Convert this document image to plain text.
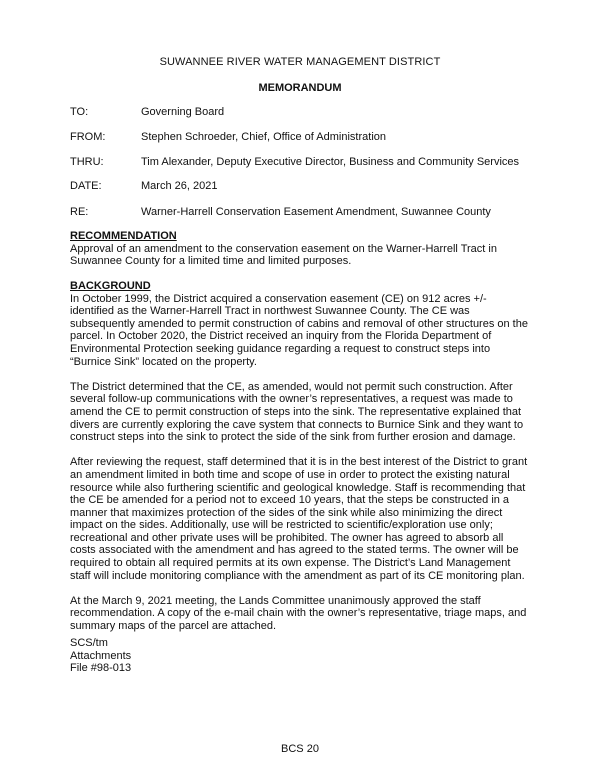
SUWANNEE RIVER WATER MANAGEMENT DISTRICT
MEMORANDUM
TO:	Governing Board
FROM:	Stephen Schroeder, Chief, Office of Administration
THRU:	Tim Alexander, Deputy Executive Director, Business and Community Services
DATE:	March 26, 2021
RE:	Warner-Harrell Conservation Easement Amendment, Suwannee County
RECOMMENDATION

Approval of an amendment to the conservation easement on the Warner-Harrell Tract in Suwannee County for a limited time and limited purposes.

BACKGROUND

In October 1999, the District acquired a conservation easement (CE) on 912 acres +/- identified as the Warner-Harrell Tract in northwest Suwannee County. The CE was subsequently amended to permit construction of cabins and removal of other structures on the parcel. In October 2020, the District received an inquiry from the Florida Department of Environmental Protection seeking guidance regarding a request to construct steps into “Burnice Sink” located on the property.

The District determined that the CE, as amended, would not permit such construction. After several follow-up communications with the owner’s representatives, a request was made to amend the CE to permit construction of steps into the sink. The representative explained that divers are currently exploring the cave system that connects to Burnice Sink and they want to construct steps into the sink to protect the side of the sink from further erosion and damage.

After reviewing the request, staff determined that it is in the best interest of the District to grant an amendment limited in both time and scope of use in order to protect the existing natural resource while also furthering scientific and geological knowledge. Staff is recommending that the CE be amended for a period not to exceed 10 years, that the steps be constructed in a manner that maximizes protection of the sides of the sink while also minimizing the direct impact on the sides. Additionally, use will be restricted to scientific/exploration use only; recreational and other private uses will be prohibited. The owner has agreed to absorb all costs associated with the amendment and has agreed to the stated terms. The owner will be required to obtain all required permits at its own expense. The District’s Land Management staff will include monitoring compliance with the amendment as part of its CE monitoring plan.

At the March 9, 2021 meeting, the Lands Committee unanimously approved the staff recommendation. A copy of the e-mail chain with the owner’s representative, triage maps, and summary maps of the parcel are attached.

SCS/tm
Attachments
File #98-013
BCS 20
